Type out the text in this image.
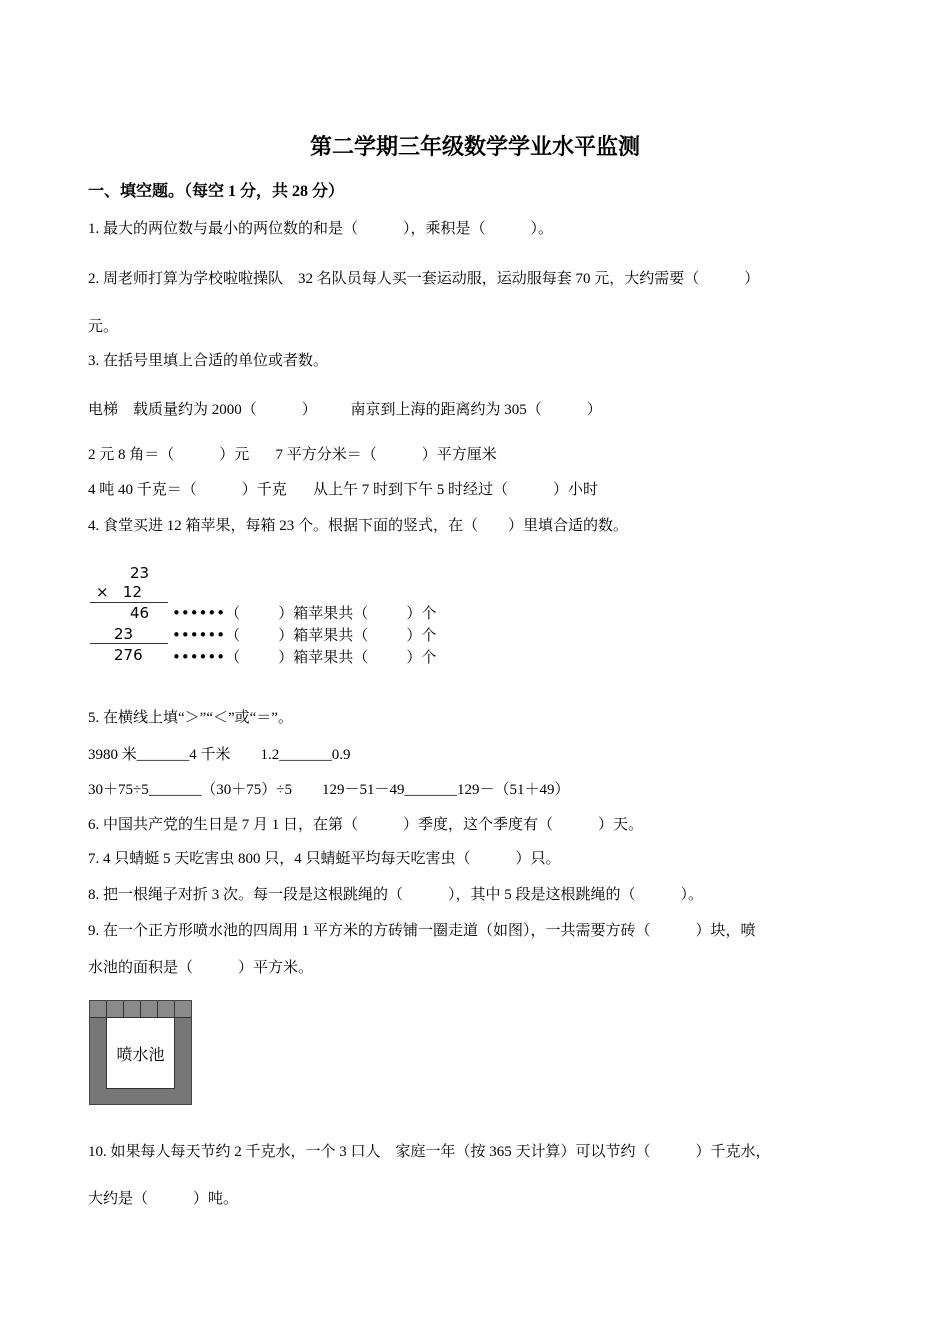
第二学期三年级数学学业水平监测
一、填空题。（每空 1 分，共 28 分）
1. 最大的两位数与最小的两位数的和是（            ），乘积是（            ）。
2. 周老师打算为学校啦啦操队    32 名队员每人买一套运动服，运动服每套 70 元，大约需要（            ）
元。
3. 在括号里填上合适的单位或者数。
电梯    载质量约为 2000（            ）         南京到上海的距离约为 305（            ）
2 元 8 角＝（            ）元       7 平方分米＝（            ）平方厘米
4 吨 40 千克＝（            ）千克       从上午 7 时到下午 5 时经过（            ）小时
4. 食堂买进 12 箱苹果，每箱 23 个。根据下面的竖式，在（        ）里填合适的数。
23
×   12
46
23
276
••••••（        ）箱苹果共（        ）个
••••••（        ）箱苹果共（        ）个
••••••（        ）箱苹果共（        ）个
5. 在横线上填“＞”“＜”或“＝”。
3980 米_______4 千米        1.2_______0.9
30＋75÷5_______（30＋75）÷5        129－51－49_______129－（51＋49）
6. 中国共产党的生日是 7 月 1 日，在第（            ）季度，这个季度有（            ）天。
7. 4 只蜻蜓 5 天吃害虫 800 只，4 只蜻蜓平均每天吃害虫（            ）只。
8. 把一根绳子对折 3 次。每一段是这根跳绳的（            ），其中 5 段是这根跳绳的（            ）。
9. 在一个正方形喷水池的四周用 1 平方米的方砖铺一圈走道（如图），一共需要方砖（            ）块，喷
水池的面积是（            ）平方米。
喷水池
10. 如果每人每天节约 2 千克水，一个 3 口人    家庭一年（按 365 天计算）可以节约（            ）千克水，
大约是（            ）吨。
